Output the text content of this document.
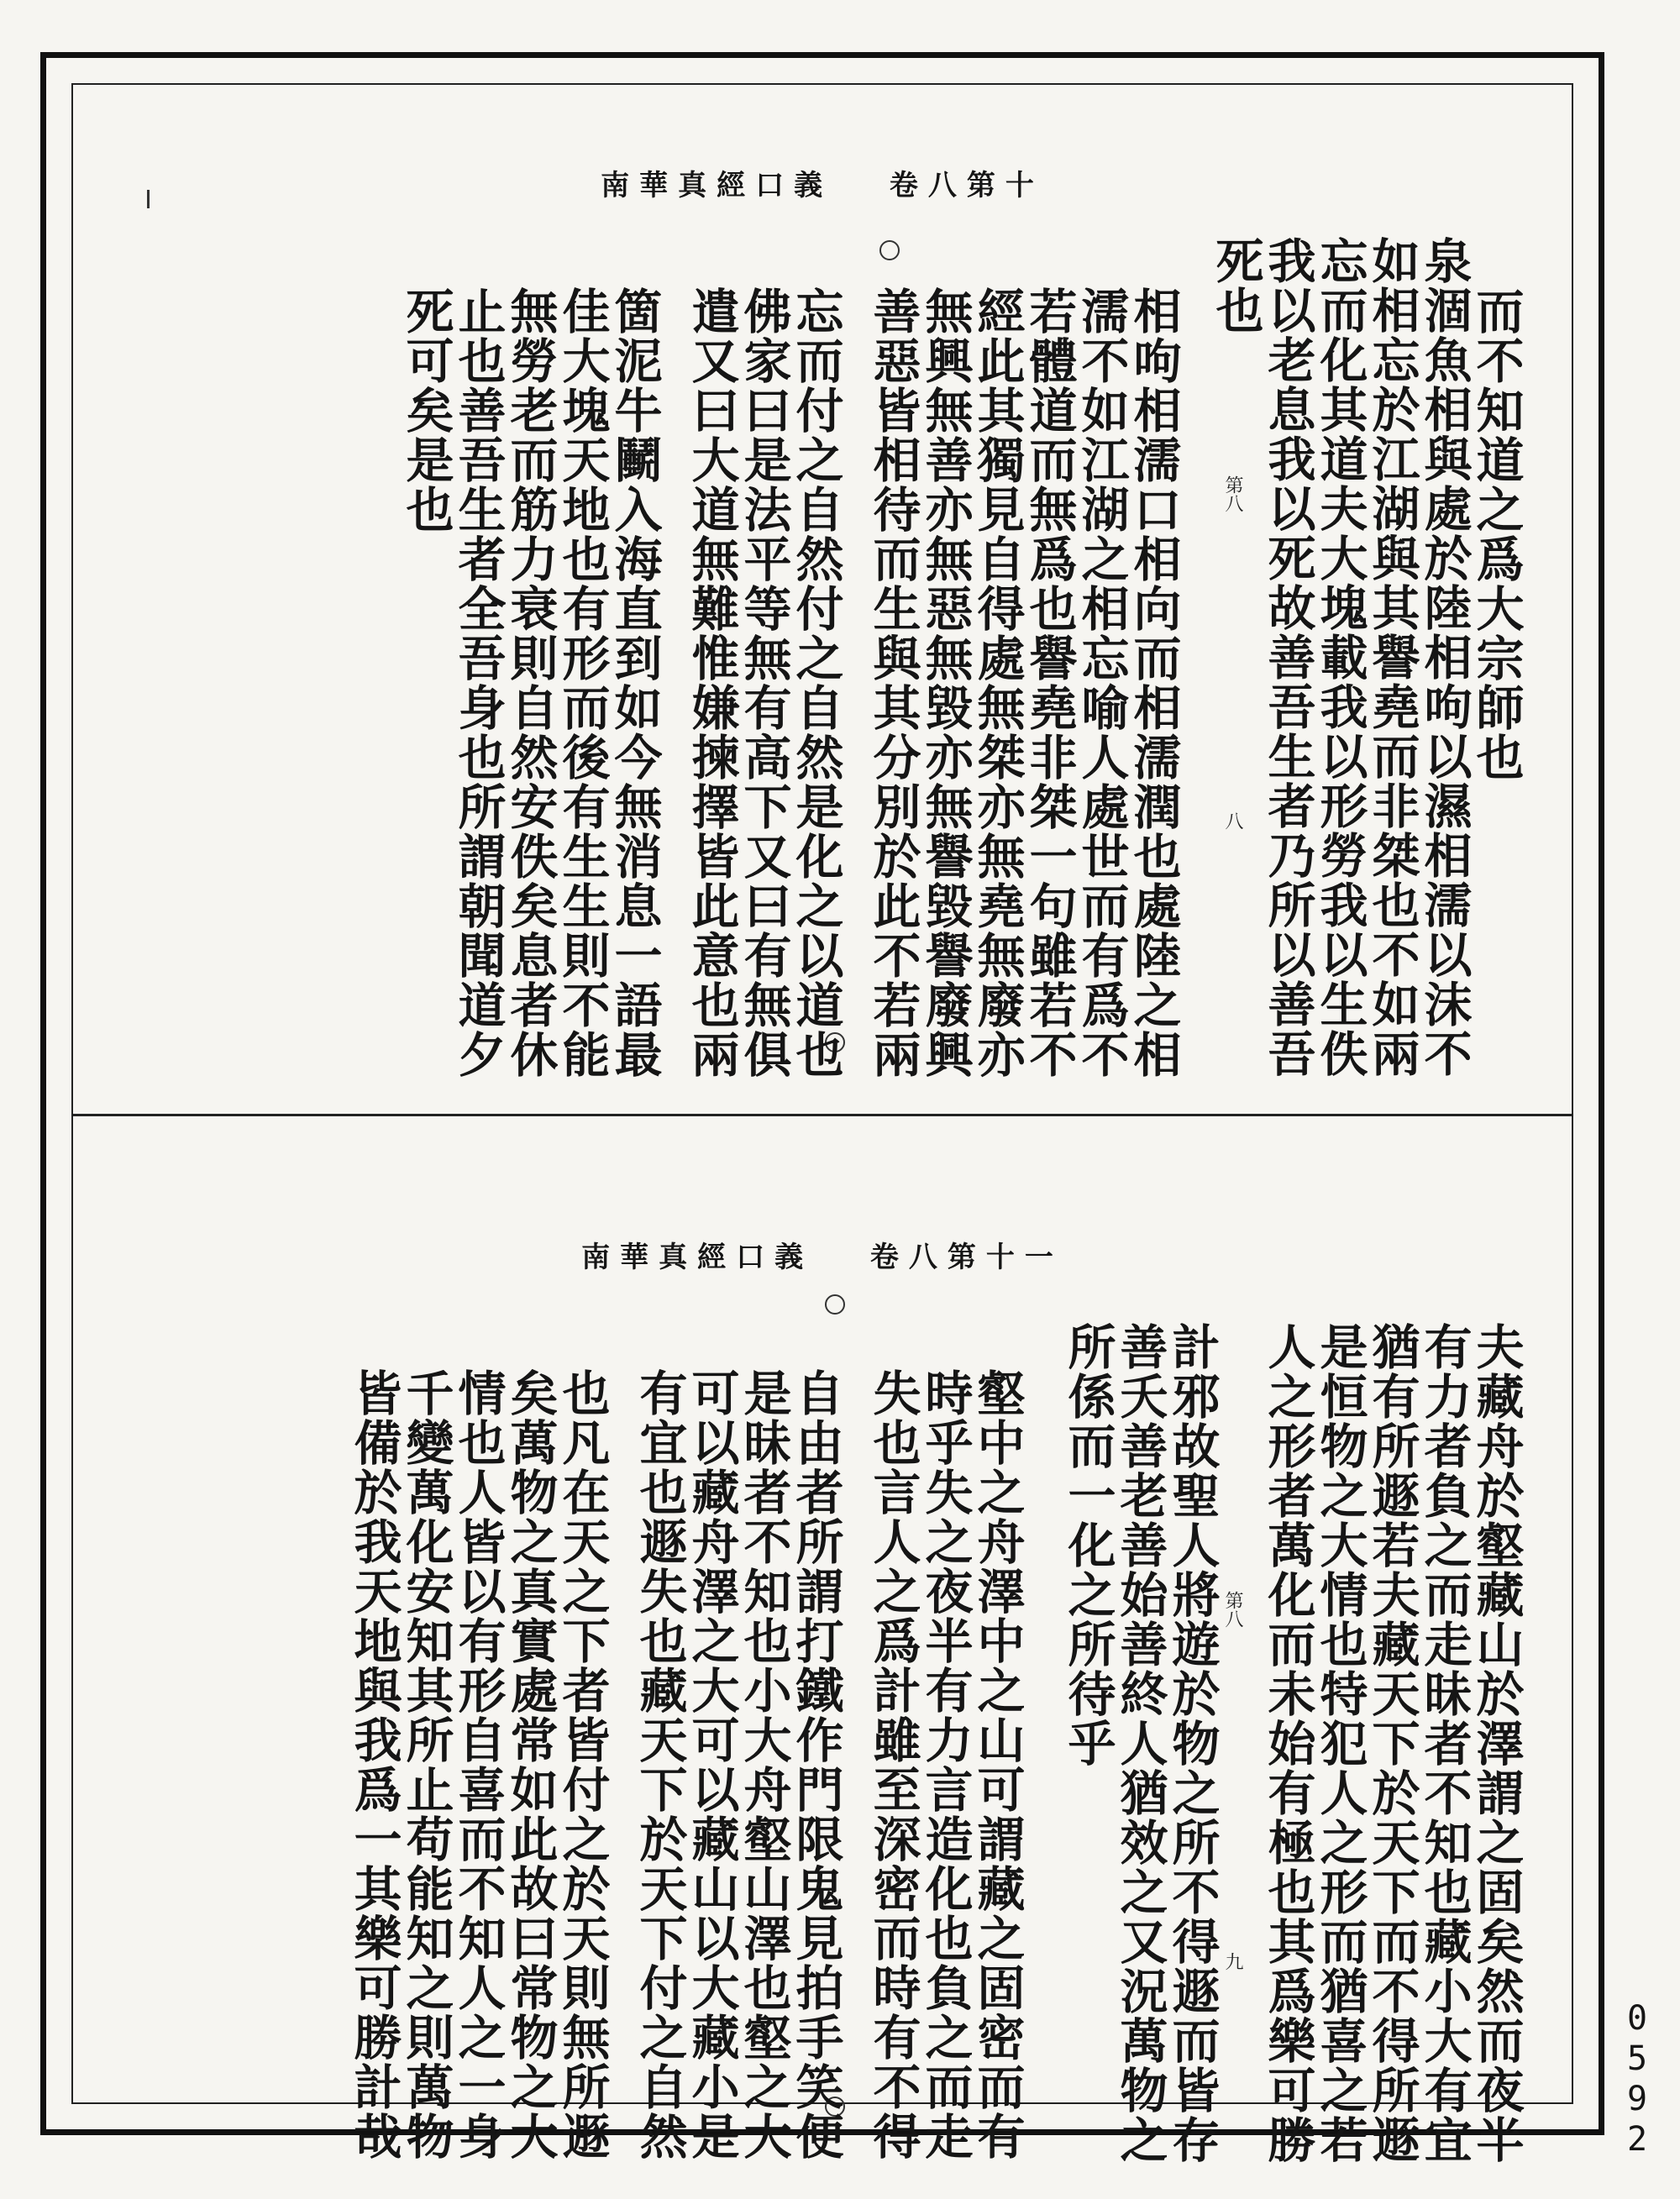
南華真經口義 卷八第十
而不知道之爲大宗師也
泉涸魚相與處於陸相呴以濕相濡以沫不
如相忘於江湖與其譽堯而非桀也不如兩
忘而化其道夫大塊載我以形勞我以生佚
我以老息我以死故善吾生者乃所以善吾
死也
第八
八
相呴相濡口相向而相濡潤也處陸之相
濡不如江湖之相忘喻人處世而有爲不
若體道而無爲也譽堯非桀一句雖若不
經此其獨見自得處無桀亦無堯無廢亦
無興無善亦無惡無毀亦無譽毀譽廢興
善惡皆相待而生與其分別於此不若兩
忘而付之自然付之自然是化之以道也
佛家曰是法平等無有高下又曰有無俱
遣又曰大道無難惟嫌揀擇皆此意也兩
箇泥牛鬭入海直到如今無消息一語最
佳大塊天地也有形而後有生生則不能
無勞老而筋力衰則自然安佚矣息者休
止也善吾生者全吾身也所謂朝聞道夕
死可矣是也
南華真經口義 卷八第十一
夫藏舟於壑藏山於澤謂之固矣然而夜半
有力者負之而走昧者不知也藏小大有宜
猶有所遯若夫藏天下於天下而不得所遯
是恒物之大情也特犯人之形而猶喜之若
人之形者萬化而未始有極也其爲樂可勝
第八
九
計邪故聖人將遊於物之所不得遯而皆存
善夭善老善始善終人猶效之又況萬物之
所係而一化之所待乎
壑中之舟澤中之山可謂藏之固密而有
時乎失之夜半有力言造化也負之而走
失也言人之爲計雖至深密而時有不得
自由者所謂打鐵作門限鬼見拍手笑便
是昧者不知也小大舟壑山澤也壑之大
可以藏舟澤之大可以藏山以大藏小是
有宜也遯失也藏天下於天下付之自然
也凡在天之下者皆付之於天則無所遯
矣萬物之真實處常如此故曰常物之大
情也人皆以有形自喜而不知人之一身
千變萬化安知其所止苟能知之則萬物
皆備於我天地與我爲一其樂可勝計哉	0592
